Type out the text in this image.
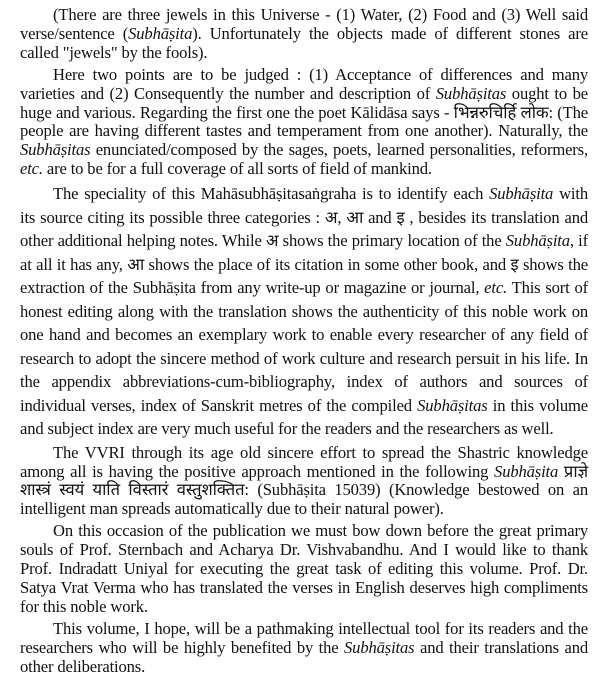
(There are three jewels in this Universe - (1) Water, (2) Food and (3) Well said verse/sentence (Subhāṣita). Unfortunately the objects made of different stones are called "jewels" by the fools).

Here two points are to be judged : (1) Acceptance of differences and many varieties and (2) Consequently the number and description of Subhāṣitas ought to be huge and various. Regarding the first one the poet Kālidāsa says - भिन्नरुचिर्हि लोक: (The people are having different tastes and temperament from one another). Naturally, the Subhāṣitas enunciated/composed by the sages, poets, learned personalities, reformers, etc. are to be for a full coverage of all sorts of field of mankind.

The speciality of this Mahāsubhāṣitasaṅgraha is to identify each Subhāṣita with its source citing its possible three categories : अ, आ and इ , besides its translation and other additional helping notes. While अ shows the primary location of the Subhāṣita, if at all it has any, आ shows the place of its citation in some other book, and इ shows the extraction of the Subhāṣita from any write-up or magazine or journal, etc. This sort of honest editing along with the translation shows the authenticity of this noble work on one hand and becomes an exemplary work to enable every researcher of any field of research to adopt the sincere method of work culture and research persuit in his life. In the appendix abbreviations-cum-bibliography, index of authors and sources of individual verses, index of Sanskrit metres of the compiled Subhāṣitas in this volume and subject index are very much useful for the readers and the researchers as well.

The VVRI through its age old sincere effort to spread the Shastric knowledge among all is having the positive approach mentioned in the following Subhāṣita प्राज्ञे शास्त्रं स्वयं याति विस्तारं वस्तुशक्तित: (Subhāṣita 15039) (Knowledge bestowed on an intelligent man spreads automatically due to their natural power).

On this occasion of the publication we must bow down before the great primary souls of Prof. Sternbach and Acharya Dr. Vishvabandhu. And I would like to thank Prof. Indradatt Uniyal for executing the great task of editing this volume. Prof. Dr. Satya Vrat Verma who has translated the verses in English deserves high compliments for this noble work.

This volume, I hope, will be a pathmaking intellectual tool for its readers and the researchers who will be highly benefited by the Subhāṣitas and their translations and other deliberations.
